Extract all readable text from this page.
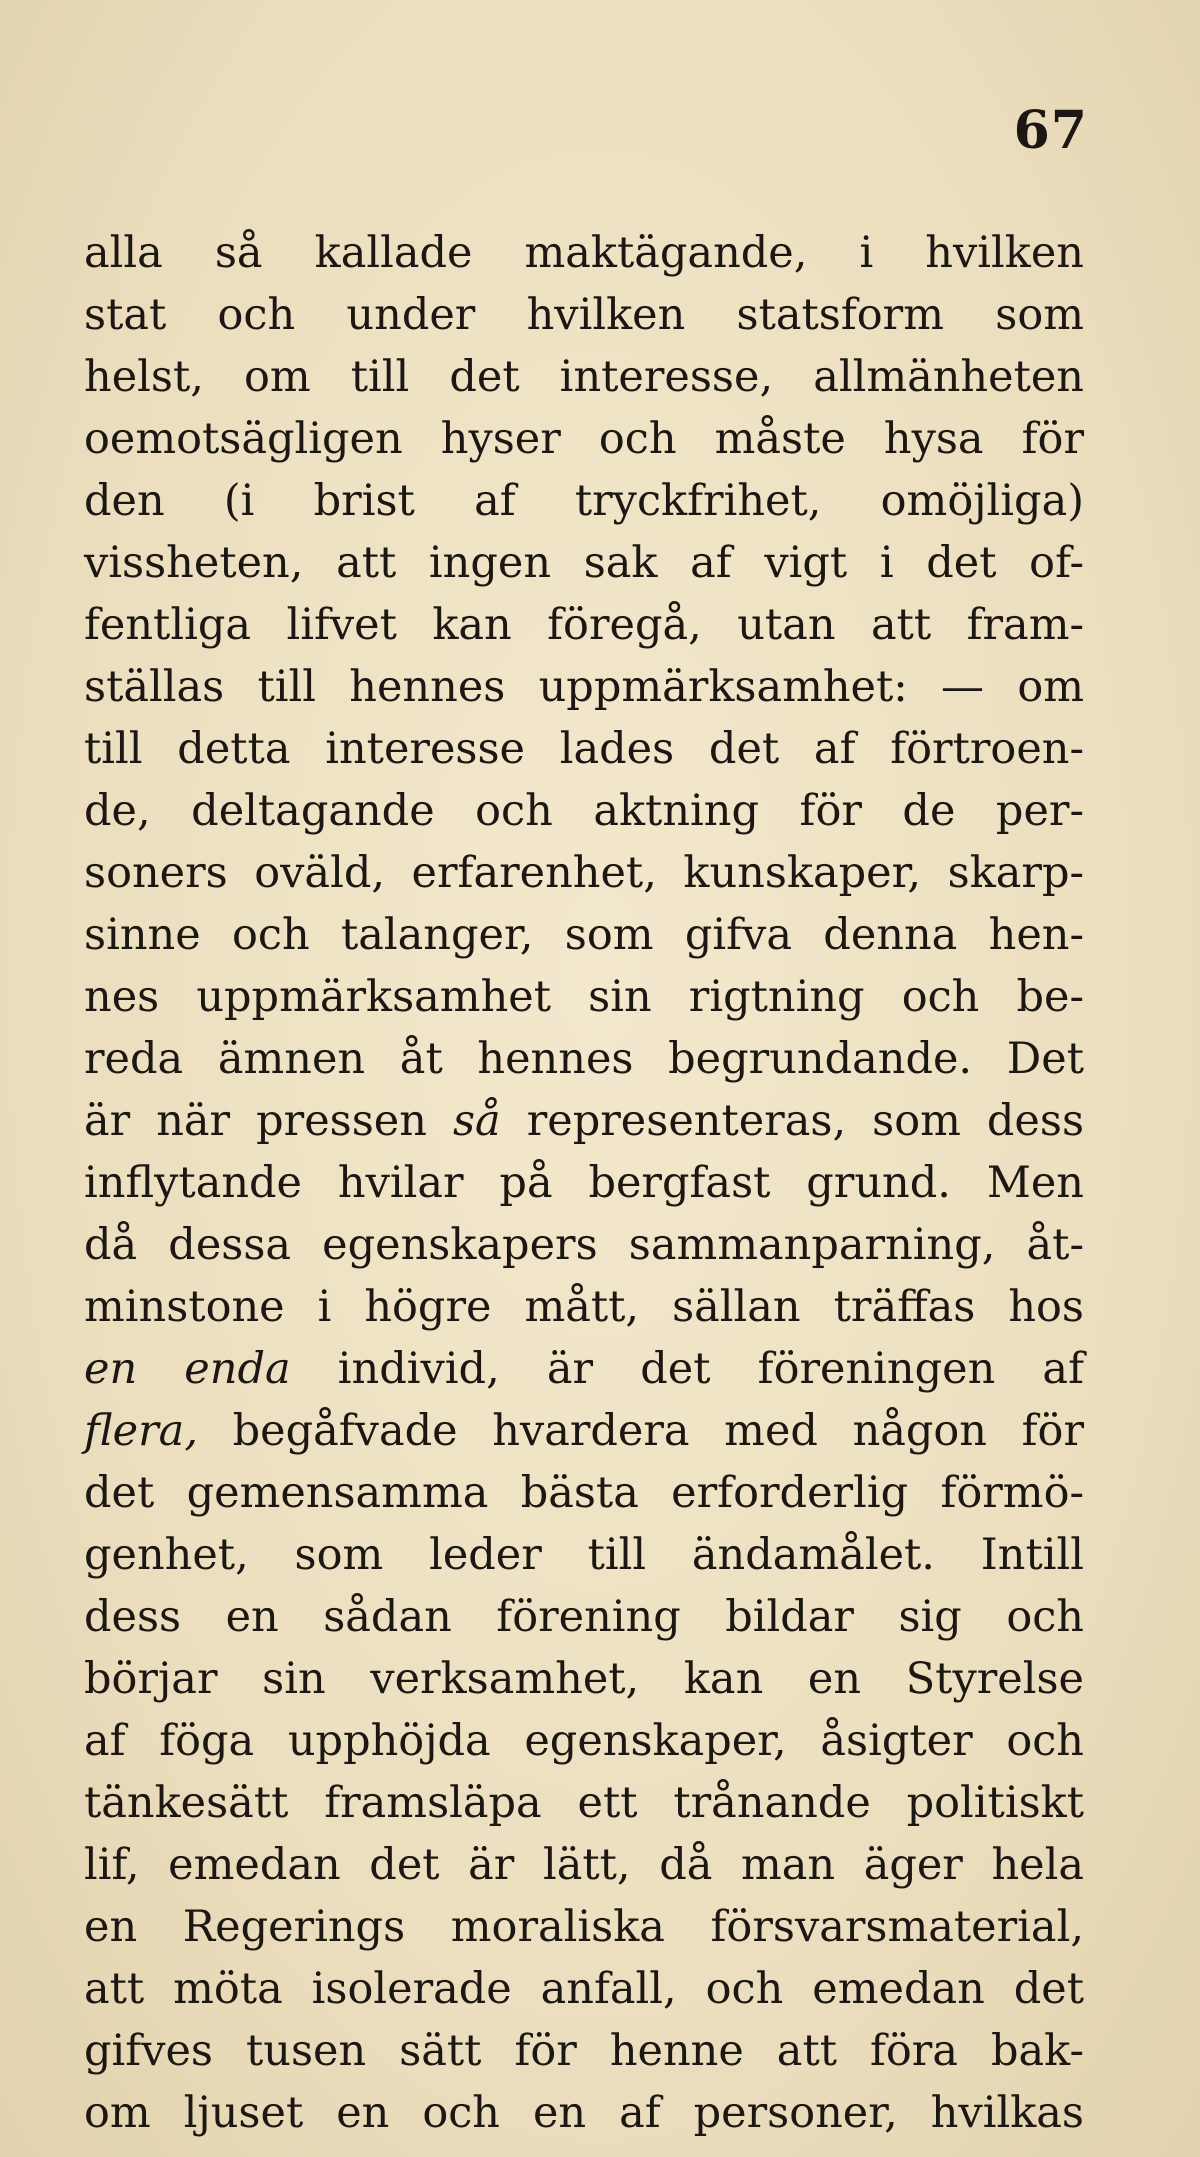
67
alla så kallade maktägande, i hvilken
stat och under hvilken statsform som
helst, om till det interesse, allmänheten
oemotsägligen hyser och måste hysa för
den (i brist af tryckfrihet, omöjliga)
vissheten, att ingen sak af vigt i det of-
fentliga lifvet kan föregå, utan att fram-
ställas till hennes uppmärksamhet: — om
till detta interesse lades det af förtroen-
de, deltagande och aktning för de per-
soners oväld, erfarenhet, kunskaper, skarp-
sinne och talanger, som gifva denna hen-
nes uppmärksamhet sin rigtning och be-
reda ämnen åt hennes begrundande. Det
är när pressen så representeras, som dess
inflytande hvilar på bergfast grund. Men
då dessa egenskapers sammanparning, åt-
minstone i högre mått, sällan träffas hos
en enda individ, är det föreningen af
flera, begåfvade hvardera med någon för
det gemensamma bästa erforderlig förmö-
genhet, som leder till ändamålet. Intill
dess en sådan förening bildar sig och
börjar sin verksamhet, kan en Styrelse
af föga upphöjda egenskaper, åsigter och
tänkesätt framsläpa ett trånande politiskt
lif, emedan det är lätt, då man äger hela
en Regerings moraliska försvarsmaterial,
att möta isolerade anfall, och emedan det
gifves tusen sätt för henne att föra bak-
om ljuset en och en af personer, hvilkas
